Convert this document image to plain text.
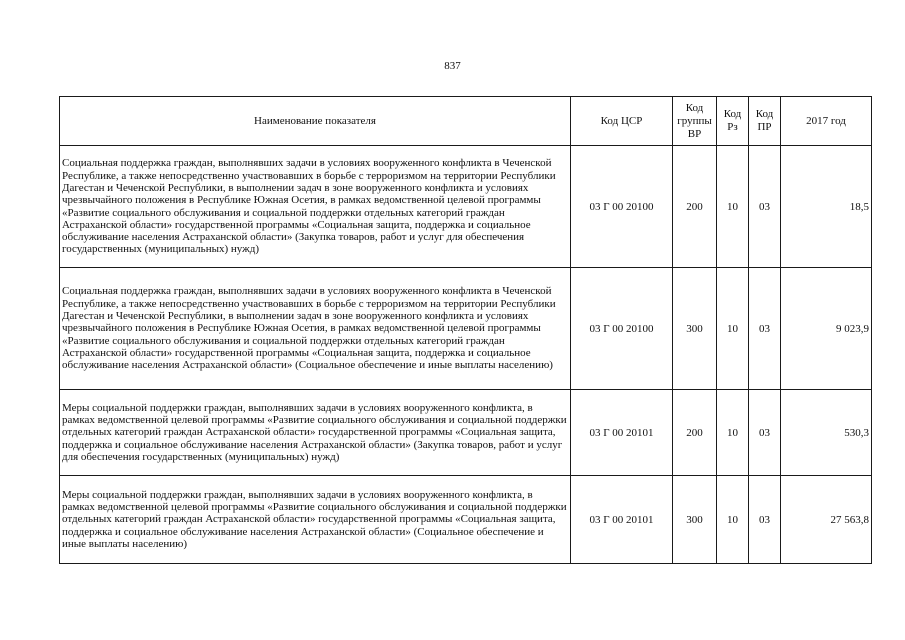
837
Наименование показателя	Код ЦСР	Код группы ВР	Код Рз	Код ПР	2017 год
Социальная поддержка граждан, выполнявших задачи в условиях вооруженного конфликта в Чеченской Республике, а также непосредственно участвовавших в борьбе с терроризмом на территории Республики Дагестан и Чеченской Республики, в выполнении задач в зоне вооруженного конфликта и условиях чрезвычайного положения в Республике Южная Осетия, в рамках ведомственной целевой программы «Развитие социального обслуживания и социальной поддержки отдельных категорий граждан Астраханской области» государственной программы «Социальная защита, поддержка и социальное обслуживание населения Астраханской области» (Закупка товаров, работ и услуг для обеспечения государственных (муниципальных) нужд)	03 Г 00 20100	200	10	03	18,5
Социальная поддержка граждан, выполнявших задачи в условиях вооруженного конфликта в Чеченской Республике, а также непосредственно участвовавших в борьбе с терроризмом на территории Республики Дагестан и Чеченской Республики, в выполнении задач в зоне вооруженного конфликта и условиях чрезвычайного положения в Республике Южная Осетия, в рамках ведомственной целевой программы «Развитие социального обслуживания и социальной поддержки отдельных категорий граждан Астраханской области» государственной программы «Социальная защита, поддержка и социальное обслуживание населения Астраханской области» (Социальное обеспечение и иные выплаты населению)	03 Г 00 20100	300	10	03	9 023,9
Меры социальной поддержки граждан, выполнявших задачи в условиях вооруженного конфликта, в рамках ведомственной целевой программы «Развитие социального обслуживания и социальной поддержки отдельных категорий граждан Астраханской области» государственной программы «Социальная защита, поддержка и социальное обслуживание населения Астраханской области» (Закупка товаров, работ и услуг для обеспечения государственных (муниципальных) нужд)	03 Г 00 20101	200	10	03	530,3
Меры социальной поддержки граждан, выполнявших задачи в условиях вооруженного конфликта, в рамках ведомственной целевой программы «Развитие социального обслуживания и социальной поддержки отдельных категорий граждан Астраханской области» государственной программы «Социальная защита, поддержка и социальное обслуживание населения Астраханской области» (Социальное обеспечение и иные выплаты населению)	03 Г 00 20101	300	10	03	27 563,8
